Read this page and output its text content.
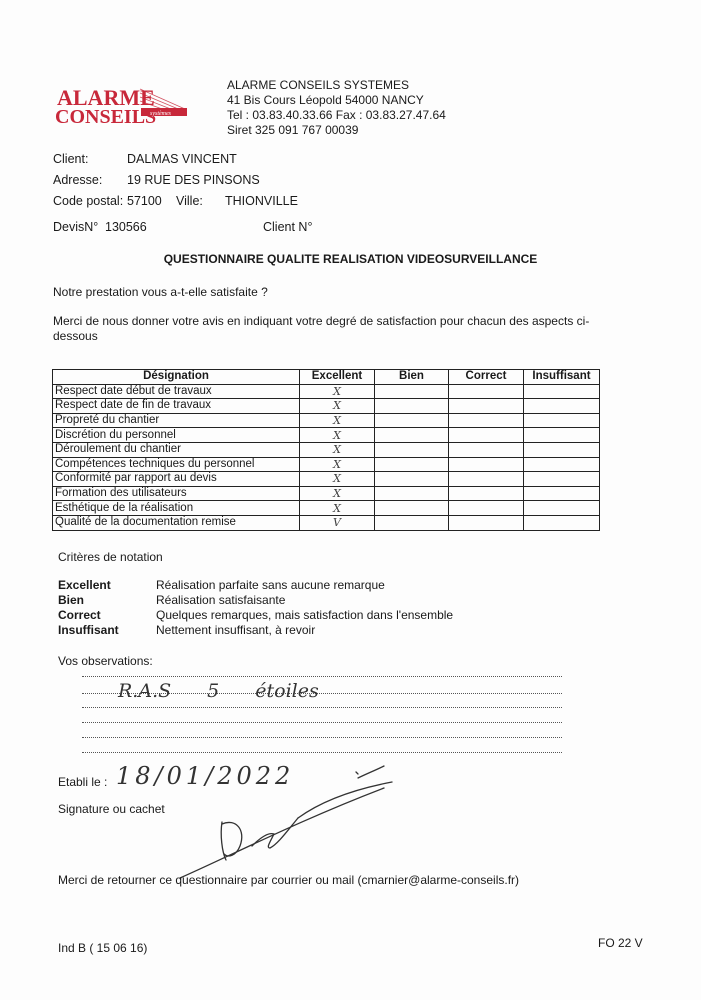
ALARME
CONSEILS
systèmes
ALARME CONSEILS SYSTEMES
41 Bis Cours Léopold 54000 NANCY
Tel : 03.83.40.33.66 Fax : 03.83.27.47.64
Siret 325 091 767 00039
Client:	DALMAS VINCENT
Adresse: 19 RUE DES PINSONS
Code postal: 57100 Ville: THIONVILLE
DevisN° 130566	Client N°
QUESTIONNAIRE QUALITE REALISATION VIDEOSURVEILLANCE
Notre prestation vous a-t-elle satisfaite ?
Merci de nous donner votre avis en indiquant votre degré de satisfaction pour chacun des aspects ci-dessous
Désignation	Excellent	Bien	Correct	Insuffisant
Respect date début de travaux	X			
Respect date de fin de travaux	X			
Propreté du chantier	X			
Discrétion du personnel	X			
Déroulement du chantier	X			
Compétences techniques du personnel	X			
Conformité par rapport au devis	X			
Formation des utilisateurs	X			
Esthétique de la réalisation	X			
Qualité de la documentation remise	V			
Critères de notation
Excellent	Réalisation parfaite sans aucune remarque
Bien	Réalisation satisfaisante
Correct	Quelques remarques, mais satisfaction dans l'ensemble
Insuffisant	Nettement insuffisant, à revoir
Vos observations:
R.A.S 5 étoiles
Etabli le : 18/01/2022
Signature ou cachet
Merci de retourner ce questionnaire par courrier ou mail (cmarnier@alarme-conseils.fr)
Ind B ( 15 06 16)	FO 22 V
